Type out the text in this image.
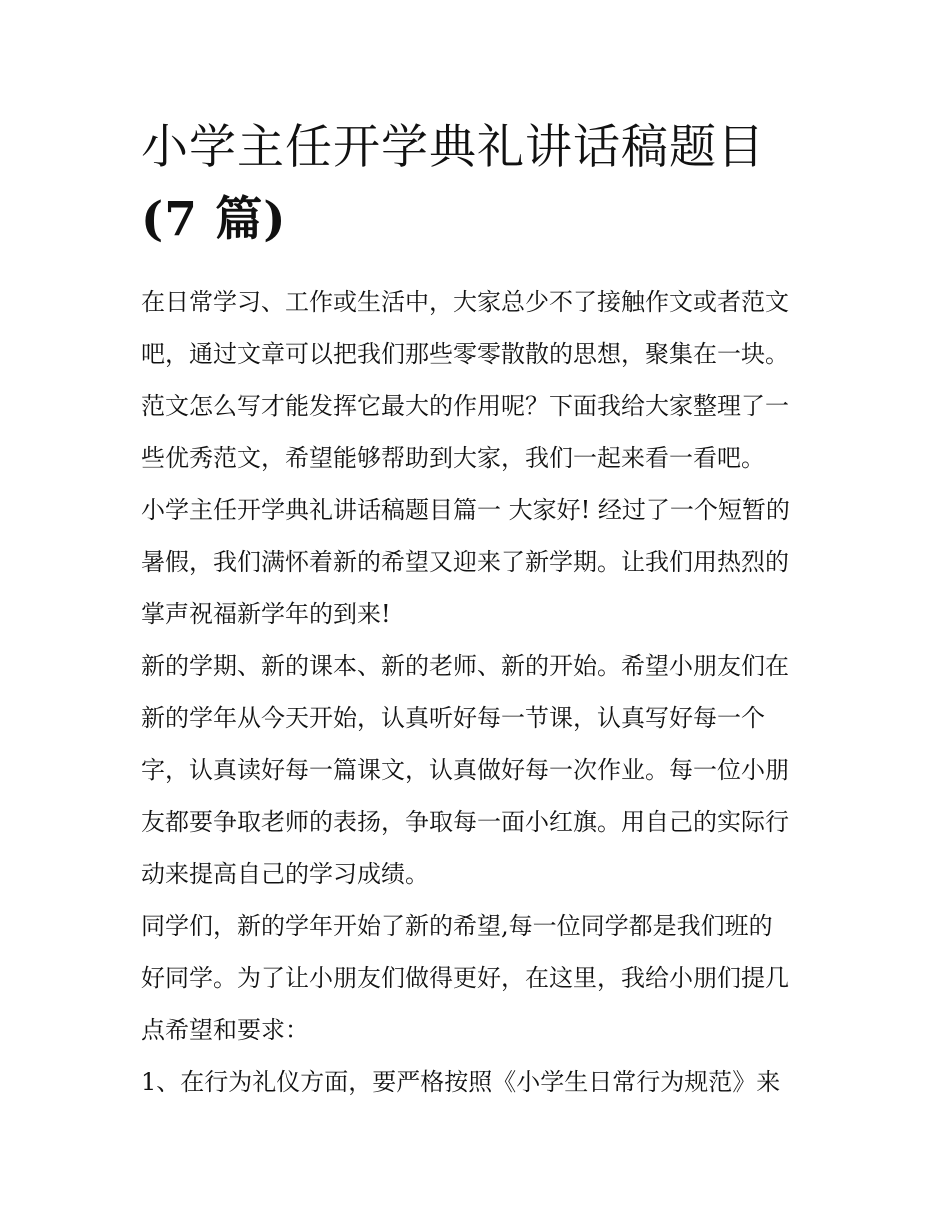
小学主任开学典礼讲话稿题目
(7 篇)
在日常学习、工作或生活中，大家总少不了接触作文或者范文
吧，通过文章可以把我们那些零零散散的思想，聚集在一块。
范文怎么写才能发挥它最大的作用呢？下面我给大家整理了一
些优秀范文，希望能够帮助到大家，我们一起来看一看吧。
小学主任开学典礼讲话稿题目篇一 大家好! 经过了一个短暂的
暑假，我们满怀着新的希望又迎来了新学期。让我们用热烈的
掌声祝福新学年的到来!
新的学期、新的课本、新的老师、新的开始。希望小朋友们在
新的学年从今天开始，认真听好每一节课，认真写好每一个
字，认真读好每一篇课文，认真做好每一次作业。每一位小朋
友都要争取老师的表扬，争取每一面小红旗。用自己的实际行
动来提高自己的学习成绩。
同学们，新的学年开始了新的希望,每一位同学都是我们班的
好同学。为了让小朋友们做得更好，在这里，我给小朋们提几
点希望和要求：
1、在行为礼仪方面，要严格按照《小学生日常行为规范》来
